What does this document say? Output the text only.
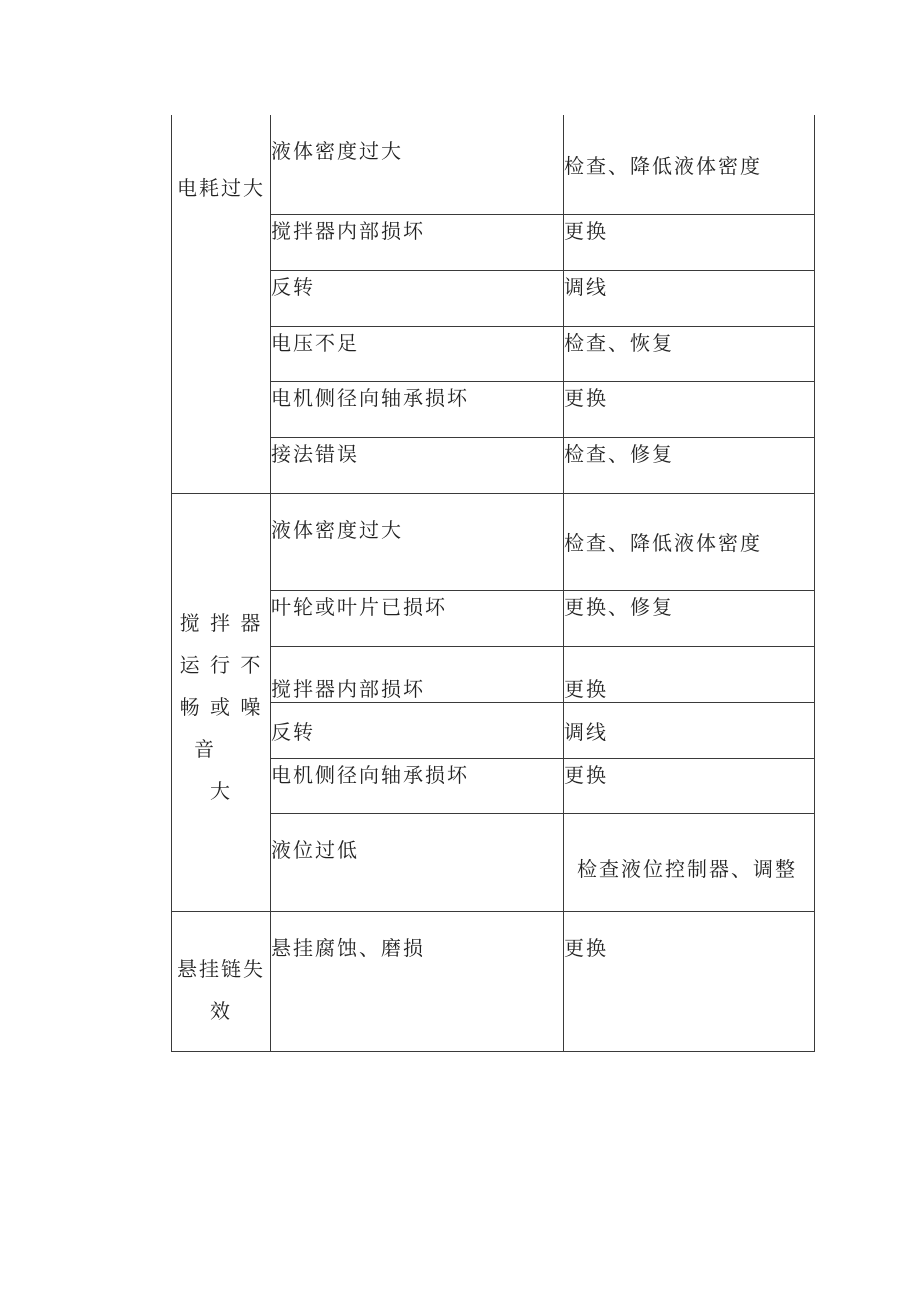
电耗过大	液体密度过大	检查、降低液体密度

	搅拌器内部损坏	更换

	反转	调线

	电压不足	检查、恢复

	电机侧径向轴承损坏	更换

	接法错误	检查、修复

搅 拌 器
运 行 不
畅 或 噪
音
大	液体密度过大	检查、降低液体密度

	叶轮或叶片已损坏	更换、修复

	搅拌器内部损坏	更换

	反转	调线

	电机侧径向轴承损坏	更换

	液位过低	检查液位控制器、调整

悬挂链失
效	悬挂腐蚀、磨损	更换
